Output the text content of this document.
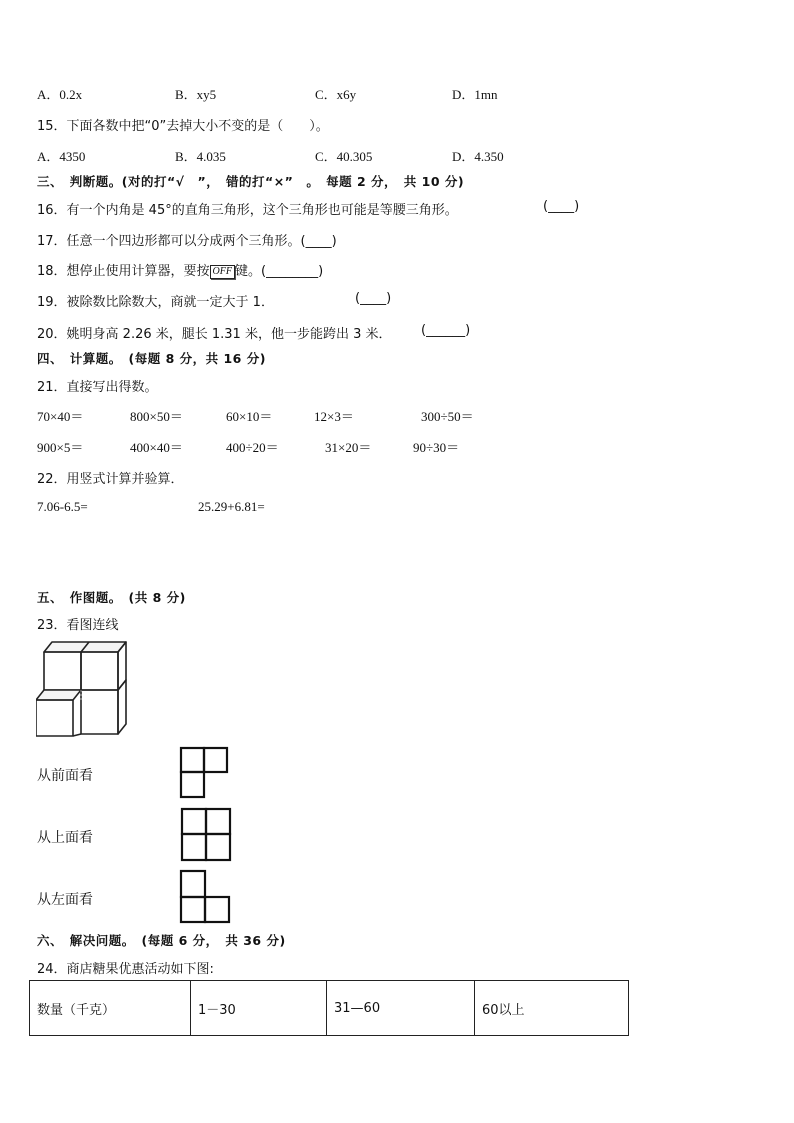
A．0.2x	B．xy5	C．x6y	D．1mn
15．下面各数中把“0”去掉大小不变的是（　　）。
A．4350	B．4.035	C．40.305	D．4.350
三、　判断题。(对的打“√　”，　错的打“×”　。　每题 2 分，　共 10 分)
16．有一个内角是 45°的直角三角形，这个三角形也可能是等腰三角形。	(____)
17．任意一个四边形都可以分成两个三角形。(____)
18．想停止使用计算器，要按 OFF 键。(________)
19．被除数比除数大，商就一定大于 1．	(____)
20．姚明身高 2.26 米，腿长 1.31 米，他一步能跨出 3 米． (______)
四、　计算题。　(每题 8 分，共 16 分)
21．直接写出得数。
70×40＝	800×50＝	60×10＝	12×3＝	300÷50＝
900×5＝	400×40＝	400÷20＝	31×20＝	90÷30＝
22．用竖式计算并验算．
7.06-6.5=	25.29+6.81=
五、　作图题。　(共 8 分)
23．看图连线
从前面看
从上面看
从左面看
六、　解决问题。　(每题 6 分，　共 36 分)
24．商店糖果优惠活动如下图:
数量（千克）	1－30	31—60	60以上
